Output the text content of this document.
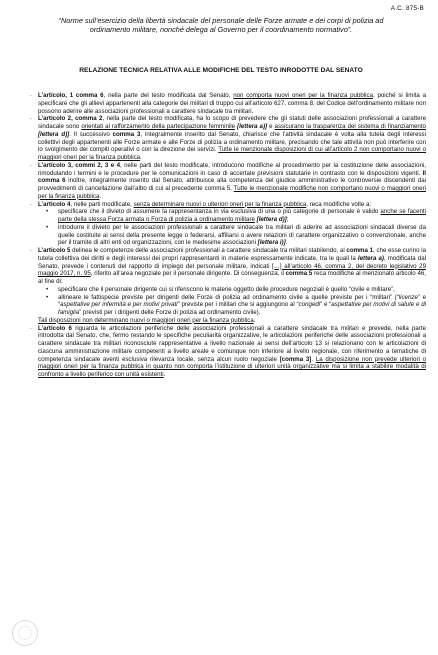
A.C. 875-B
“Norme sull’esercizio della libertà sindacale del personale delle Forze armate e dei corpi di polizia ad ordinamento militare, nonché delega al Governo per il coordinamento normativo”.
RELAZIONE TECNICA RELATIVA ALLE MODIFICHE DEL TESTO INRODOTTE DAL SENATO

- L’articolo, 1 comma 6, nella parte del testo modificata dal Senato, non comporta nuovi oneri per la finanza pubblica, poiché si limita a specificare che gli allievi appartenenti alla categorie dei militari di truppo cui all’articolo 627, comma 8, del Codice dell’ordinamento militare non possono aderire alle associazioni professionali a carattere sindacale tra militari.

- L’articolo 2, comma 2, nella parte del testo modificata, ha lo scopo di prevedere che gli statuti delle associazioni professionali a carattere sindacale sono orientati al rafforzamento della partecipazione femminile [lettera a)] e assicurano la trasparenza del sistema di finanziamento [lettera d)]. Il successivo comma 3, integralmente inserito dal Senato, chiarisce che l’attività sindacale è volta alla tutela degli interessi collettivi degli appartenenti alle Forze armate e alle Forze di polizia a ordinamento militare, precisando che tale attività non può interferire con lo svolgimento dei compiti operativi o con la direzione dei servizi. Tutte le menzionate disposizioni di cui all’articolo 2 non comportano nuovi o maggiori oneri per la finanza pubblica.

- L’articolo 3, commi 2, 3 e 4, nelle parti del testo modificate, introducono modifiche al procedimento per la costituzione delle associazioni, rimodulando i termini e le procedure per le comunicazioni in caso di accertate previsioni statutarie in contrasto con le disposizioni vigenti. Il comma 6 inoltre, integralmente inserito dal Senato, attribuisce alla competenza del giudice amministrativo le controversie discendenti dai provvedimenti di cancellazione dall’albo di cui al precedente comma 5. Tutte le menzionate modifiche non comportano nuovi o maggiori oneri per la finanza pubblica.

- L’articolo 4, nelle parti modificate, senza determinare nuovi o ulteriori oneri per la finanza pubblica, reca modifiche volte a:

• specificare che il divieto di assumere la rappresentanza in via esclusiva di una o più categorie di personale è valido anche se facenti parte della stessa Forza armata o Forza di polizia a ordinamento militare [lettera d)];

• introdurre il divieto per le associazioni professionali a carattere sindacale tra militari di aderire ad associazioni sindacali diverse da quelle costituite ai sensi della presente legge o federarsi, affiliarsi o avere relazioni di carattere organizzativo o convenzionale, anche per il tramite di altri enti od organizzazioni, con le medesime associazioni [lettera i)].

- L’articolo 5 delinea le competenze delle associazioni professionali a carattere sindacale tra militari stabilendo, al comma 1, che esse curino la tutela collettiva dei diritti e degli interessi dei propri rappresentanti in materie espressamente indicate, tra le quali la lettera a), modificata dal Senato, prevede i contenuti del rapporto di impiego del personale militare, indicati […] all’articolo 46, comma 2, del decreto legislativo 29 maggio 2017, n. 95, riferito all’area negoziale per il personale dirigente. Di conseguenza, il comma 5 reca modifiche al menzionato articolo 46, al fine di:

• specificare che il personale dirigente cui si riferiscono le materie oggetto delle procedure negoziali è quello “civile e militare”,

• allineare le fattispecie previste per dirigenti delle Forze di polizia ad ordinamento civile a quelle previste per i “militari” (“licenze” e “aspettative per infermità e per motivi privati” previste per i militari che si aggiungono al “congedi” e “aspettative per motivi di salute e di famiglia” previsti per i dirigenti delle Forze di polizia ad ordinamento civile).

Tali disposizioni non determinano nuovi o maggiori oneri per la finanza pubblica.

- L’articolo 6 riguarda le articolazioni periferiche delle associazioni professionali a carattere sindacale tra militari e prevede, nella parte introdotta dal Senato, che, fermo restando le specifiche peculiarità organizzative, le articolazioni periferiche delle associazioni professionali a carattere sindacale tra militari riconosciute rappresentative a livello nazionale ai sensi dell’articolo 13 si relazionano con le articolazioni di ciascuna amministrazione militare competenti a livello areale e comunque non inferiore al livello regionale, con riferimento a tematiche di competenza sindacale aventi esclusiva rilevanza locale, senza alcun ruolo negoziale [comma 3]. La disposizione non prevede ulteriori o maggiori oneri per la finanza pubblica in quanto non comporta l’istituzione di ulteriori unità organizzative ma si limita a stabilire modalità di confronto a livello periferico con unità esistenti.
